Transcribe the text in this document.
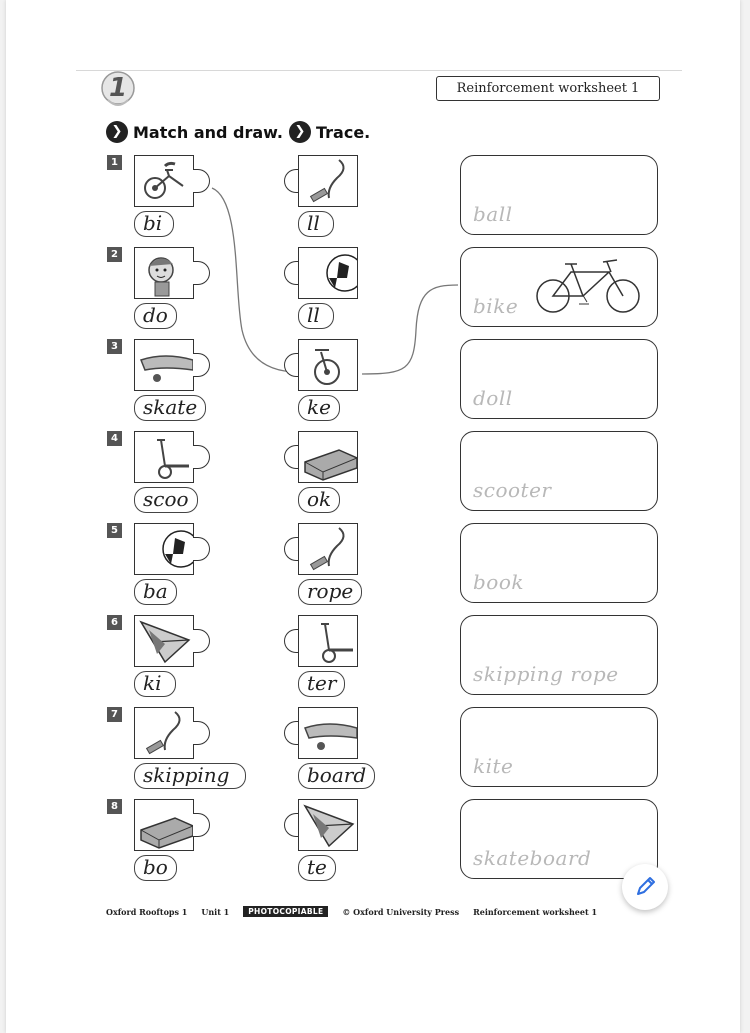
1	Reinforcement worksheet 1
❯ Match and draw. ❯ Trace.
1
bi	ll	ball
2
do	ll	bike
3
skate	ke	doll
4
scoo	ok	scooter
5
ba	rope	book
6
ki	ter	skipping rope
7
skipping	board	kite
8
bo	te	skateboard
Oxford Rooftops 1 Unit 1	PHOTOCOPIABLE	© Oxford University Press Reinforcement worksheet 1
